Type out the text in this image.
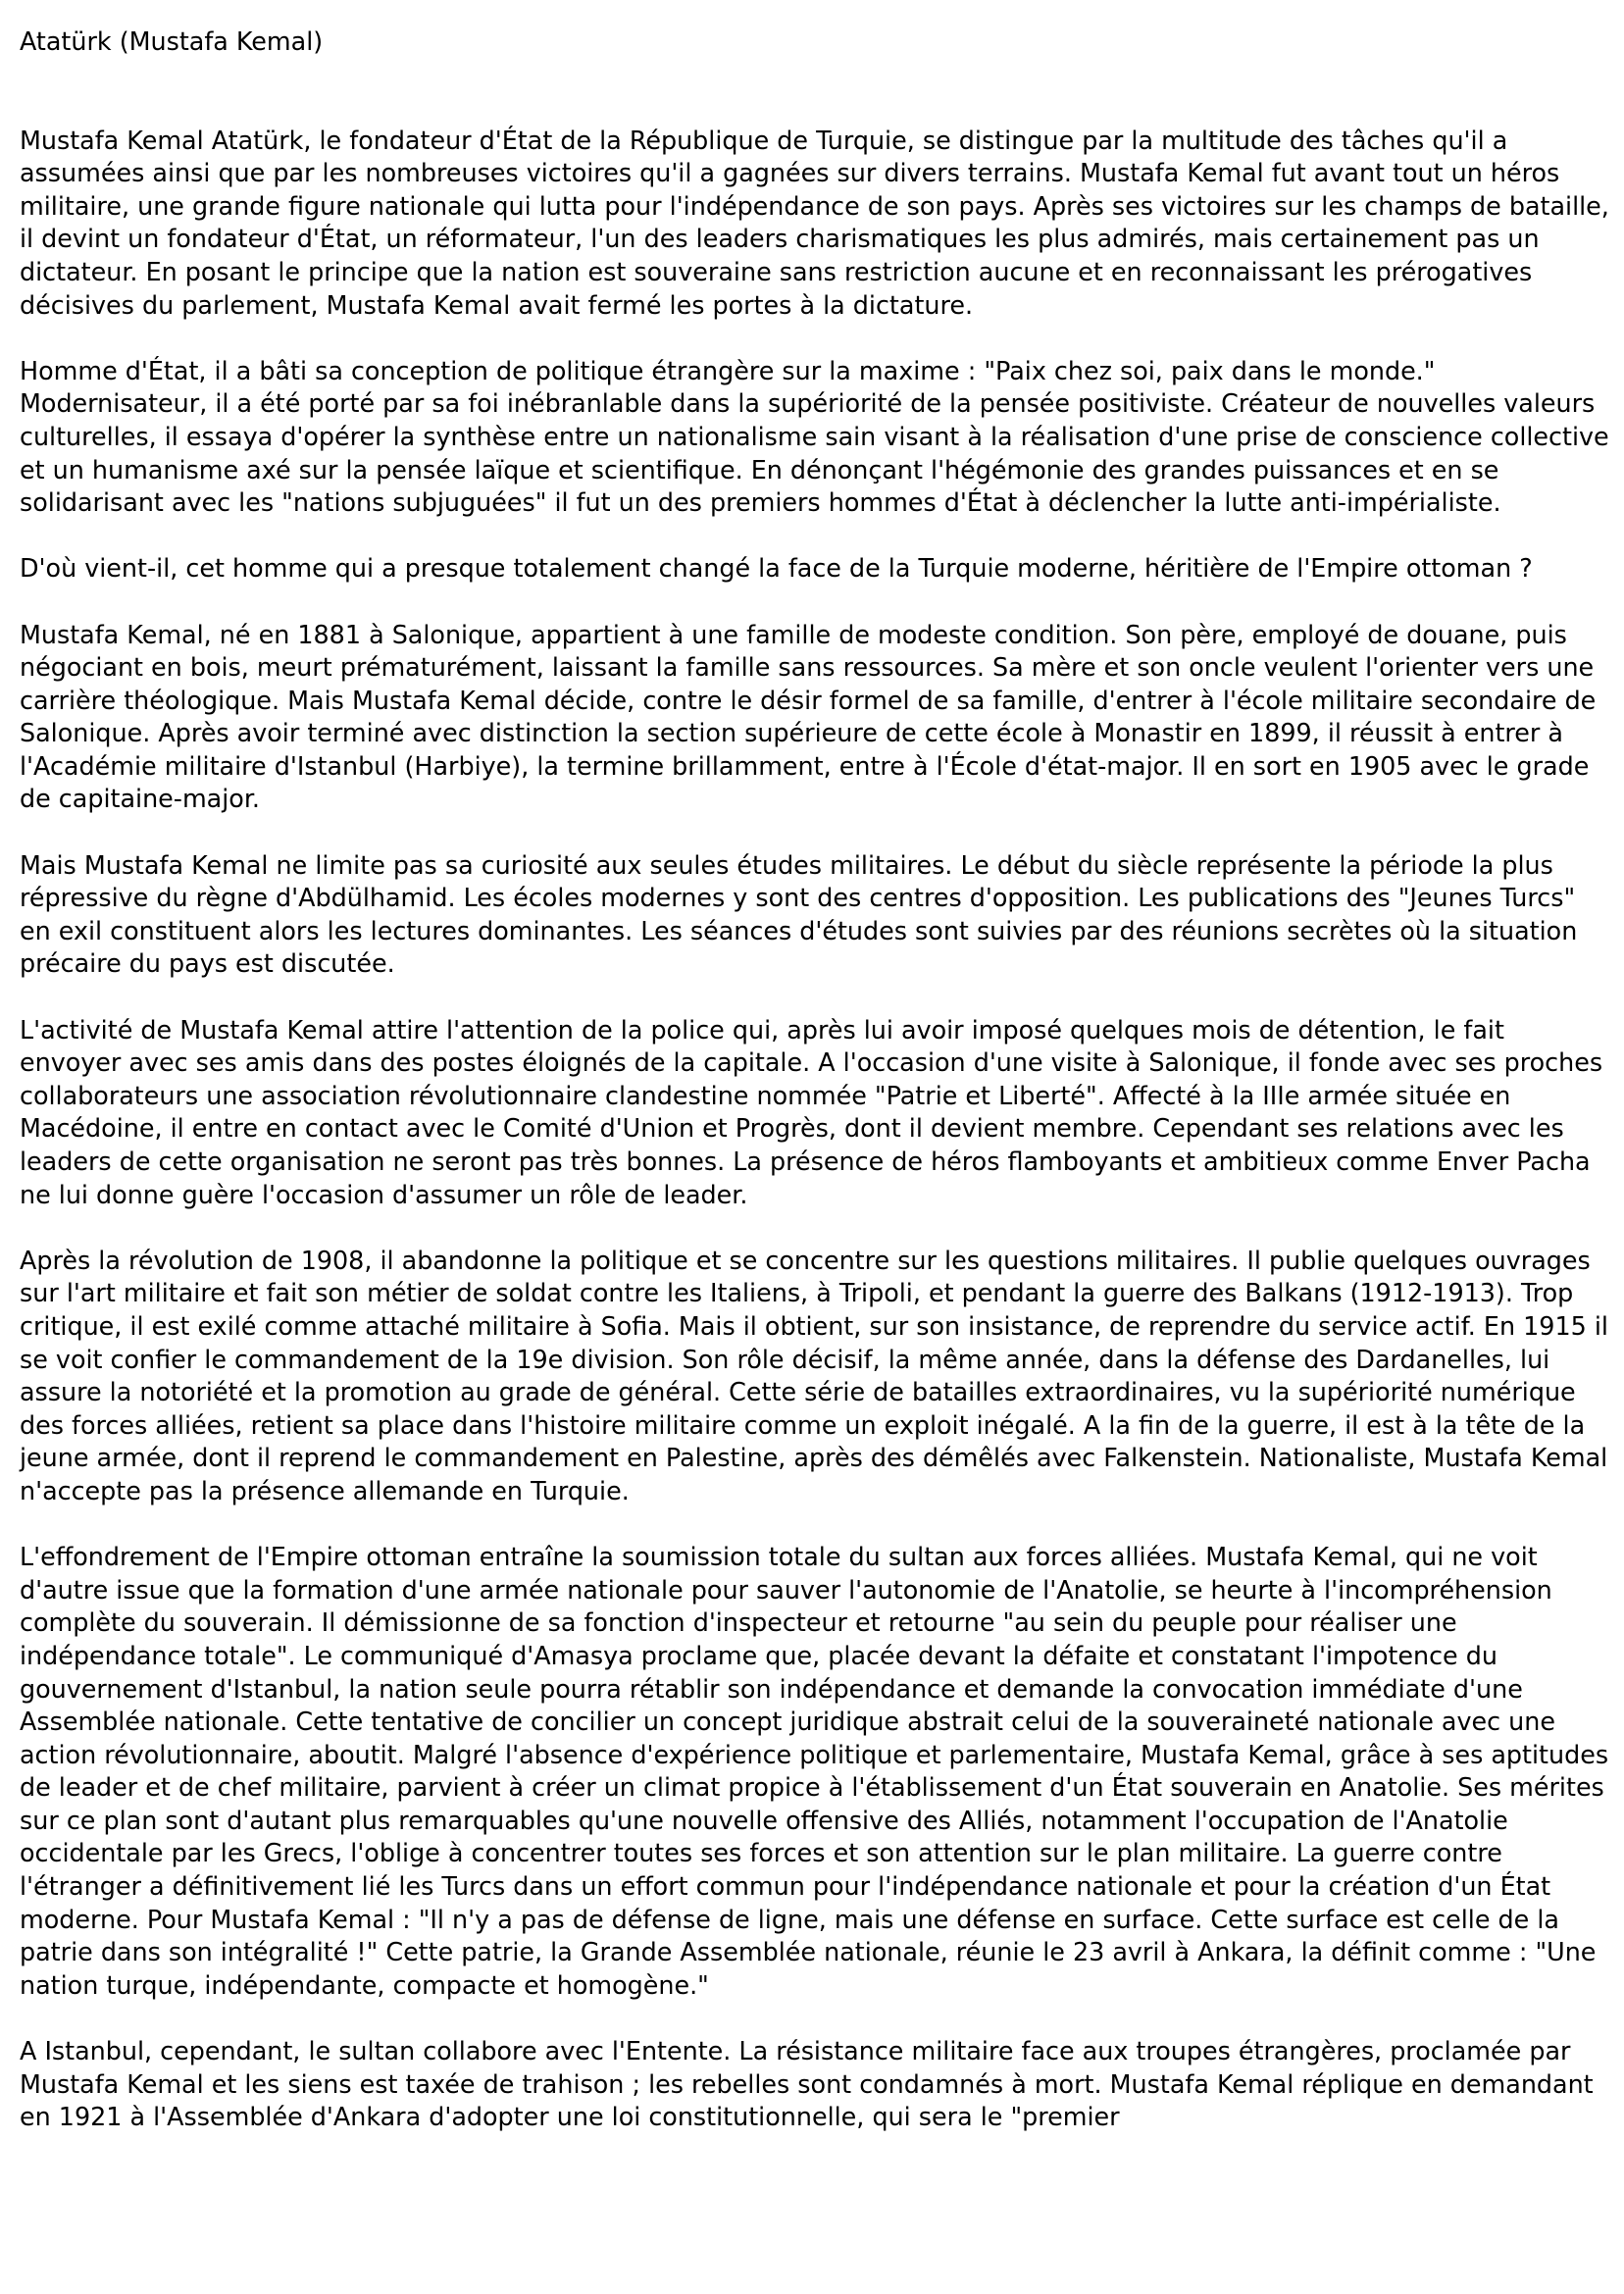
Atatürk (Mustafa Kemal)

Mustafa Kemal Atatürk, le fondateur d'État de la République de Turquie, se distingue par la multitude des tâches qu'il a assumées ainsi que par les nombreuses victoires qu'il a gagnées sur divers terrains. Mustafa Kemal fut avant tout un héros militaire, une grande figure nationale qui lutta pour l'indépendance de son pays. Après ses victoires sur les champs de bataille, il devint un fondateur d'État, un réformateur, l'un des leaders charismatiques les plus admirés, mais certainement pas un dictateur. En posant le principe que la nation est souveraine sans restriction aucune et en reconnaissant les prérogatives décisives du parlement, Mustafa Kemal avait fermé les portes à la dictature.

Homme d'État, il a bâti sa conception de politique étrangère sur la maxime : "Paix chez soi, paix dans le monde." Modernisateur, il a été porté par sa foi inébranlable dans la supériorité de la pensée positiviste. Créateur de nouvelles valeurs culturelles, il essaya d'opérer la synthèse entre un nationalisme sain visant à la réalisation d'une prise de conscience collective et un humanisme axé sur la pensée laïque et scientifique. En dénonçant l'hégémonie des grandes puissances et en se solidarisant avec les "nations subjuguées" il fut un des premiers hommes d'État à déclencher la lutte anti-impérialiste.

D'où vient-il, cet homme qui a presque totalement changé la face de la Turquie moderne, héritière de l'Empire ottoman ?

Mustafa Kemal, né en 1881 à Salonique, appartient à une famille de modeste condition. Son père, employé de douane, puis négociant en bois, meurt prématurément, laissant la famille sans ressources. Sa mère et son oncle veulent l'orienter vers une carrière théologique. Mais Mustafa Kemal décide, contre le désir formel de sa famille, d'entrer à l'école militaire secondaire de Salonique. Après avoir terminé avec distinction la section supérieure de cette école à Monastir en 1899, il réussit à entrer à l'Académie militaire d'Istanbul (Harbiye), la termine brillamment, entre à l'École d'état-major. Il en sort en 1905 avec le grade de capitaine-major.

Mais Mustafa Kemal ne limite pas sa curiosité aux seules études militaires. Le début du siècle représente la période la plus répressive du règne d'Abdülhamid. Les écoles modernes y sont des centres d'opposition. Les publications des "Jeunes Turcs" en exil constituent alors les lectures dominantes. Les séances d'études sont suivies par des réunions secrètes où la situation précaire du pays est discutée.

L'activité de Mustafa Kemal attire l'attention de la police qui, après lui avoir imposé quelques mois de détention, le fait envoyer avec ses amis dans des postes éloignés de la capitale. A l'occasion d'une visite à Salonique, il fonde avec ses proches collaborateurs une association révolutionnaire clandestine nommée "Patrie et Liberté". Affecté à la IIIe armée située en Macédoine, il entre en contact avec le Comité d'Union et Progrès, dont il devient membre. Cependant ses relations avec les leaders de cette organisation ne seront pas très bonnes. La présence de héros flamboyants et ambitieux comme Enver Pacha ne lui donne guère l'occasion d'assumer un rôle de leader.

Après la révolution de 1908, il abandonne la politique et se concentre sur les questions militaires. Il publie quelques ouvrages sur l'art militaire et fait son métier de soldat contre les Italiens, à Tripoli, et pendant la guerre des Balkans (1912-1913). Trop critique, il est exilé comme attaché militaire à Sofia. Mais il obtient, sur son insistance, de reprendre du service actif. En 1915 il se voit confier le commandement de la 19e division. Son rôle décisif, la même année, dans la défense des Dardanelles, lui assure la notoriété et la promotion au grade de général. Cette série de batailles extraordinaires, vu la supériorité numérique des forces alliées, retient sa place dans l'histoire militaire comme un exploit inégalé. A la fin de la guerre, il est à la tête de la jeune armée, dont il reprend le commandement en Palestine, après des démêlés avec Falkenstein. Nationaliste, Mustafa Kemal n'accepte pas la présence allemande en Turquie.

L'effondrement de l'Empire ottoman entraîne la soumission totale du sultan aux forces alliées. Mustafa Kemal, qui ne voit d'autre issue que la formation d'une armée nationale pour sauver l'autonomie de l'Anatolie, se heurte à l'incompréhension complète du souverain. Il démissionne de sa fonction d'inspecteur et retourne "au sein du peuple pour réaliser une indépendance totale". Le communiqué d'Amasya proclame que, placée devant la défaite et constatant l'impotence du gouvernement d'Istanbul, la nation seule pourra rétablir son indépendance et demande la convocation immédiate d'une Assemblée nationale. Cette tentative de concilier un concept juridique abstrait celui de la souveraineté nationale avec une action révolutionnaire, aboutit. Malgré l'absence d'expérience politique et parlementaire, Mustafa Kemal, grâce à ses aptitudes de leader et de chef militaire, parvient à créer un climat propice à l'établissement d'un État souverain en Anatolie. Ses mérites sur ce plan sont d'autant plus remarquables qu'une nouvelle offensive des Alliés, notamment l'occupation de l'Anatolie occidentale par les Grecs, l'oblige à concentrer toutes ses forces et son attention sur le plan militaire. La guerre contre l'étranger a définitivement lié les Turcs dans un effort commun pour l'indépendance nationale et pour la création d'un État moderne. Pour Mustafa Kemal : "Il n'y a pas de défense de ligne, mais une défense en surface. Cette surface est celle de la patrie dans son intégralité !" Cette patrie, la Grande Assemblée nationale, réunie le 23 avril à Ankara, la définit comme : "Une nation turque, indépendante, compacte et homogène."

A Istanbul, cependant, le sultan collabore avec l'Entente. La résistance militaire face aux troupes étrangères, proclamée par Mustafa Kemal et les siens est taxée de trahison ; les rebelles sont condamnés à mort. Mustafa Kemal réplique en demandant en 1921 à l'Assemblée d'Ankara d'adopter une loi constitutionnelle, qui sera le "premier
